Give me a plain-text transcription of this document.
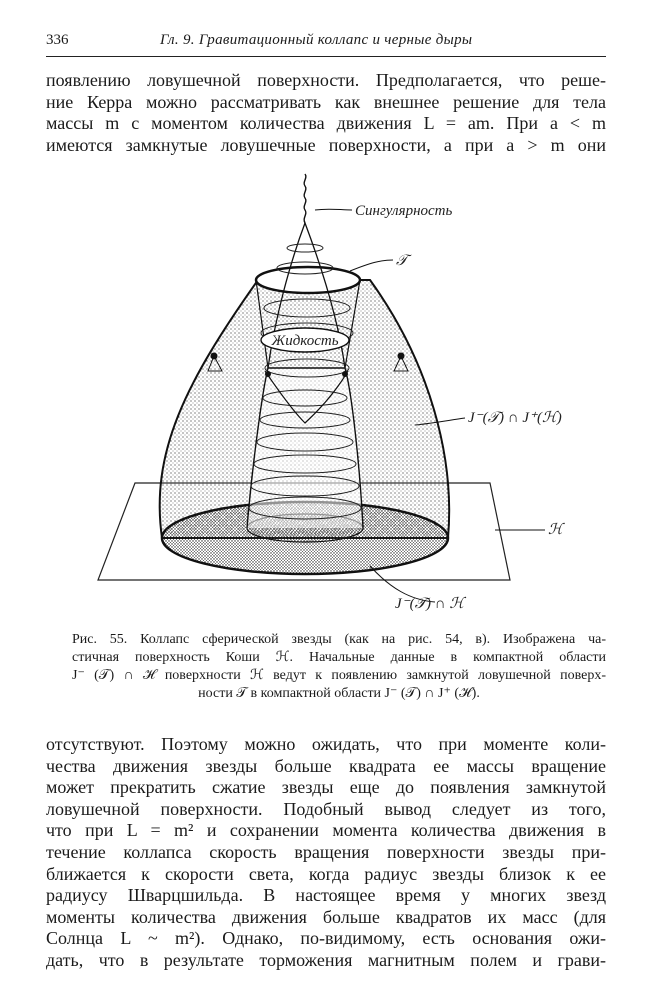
336	Гл. 9. Гравитационный коллапс и черные дыры
появлению ловушечной поверхности. Предполагается, что реше-
ние Керра можно рассматривать как внешнее решение для тела
массы m с моментом количества движения L = am. При a < m
имеются замкнутые ловушечные поверхности, а при a > m они
Жидкость
Сингулярность
𝒯
J⁻(𝒯) ∩ J⁺(ℋ)
ℋ
J⁻(𝒯) ∩ ℋ
Рис. 55. Коллапс сферической звезды (как на рис. 54, в). Изображена ча-
стичная поверхность Коши ℋ. Начальные данные в компактной области
J⁻ (𝒯) ∩ ℋ поверхности ℋ ведут к появлению замкнутой ловушечной поверх-
ности 𝒯 в компактной области J⁻ (𝒯) ∩ J⁺ (ℋ).
отсутствуют. Поэтому можно ожидать, что при моменте коли-
чества движения звезды больше квадрата ее массы вращение
может прекратить сжатие звезды еще до появления замкнутой
ловушечной поверхности. Подобный вывод следует из того,
что при L = m² и сохранении момента количества движения в
течение коллапса скорость вращения поверхности звезды при-
ближается к скорости света, когда радиус звезды близок к ее
радиусу Шварцшильда. В настоящее время у многих звезд
моменты количества движения больше квадратов их масс (для
Солнца L ~ m²). Однако, по-видимому, есть основания ожи-
дать, что в результате торможения магнитным полем и грави-
